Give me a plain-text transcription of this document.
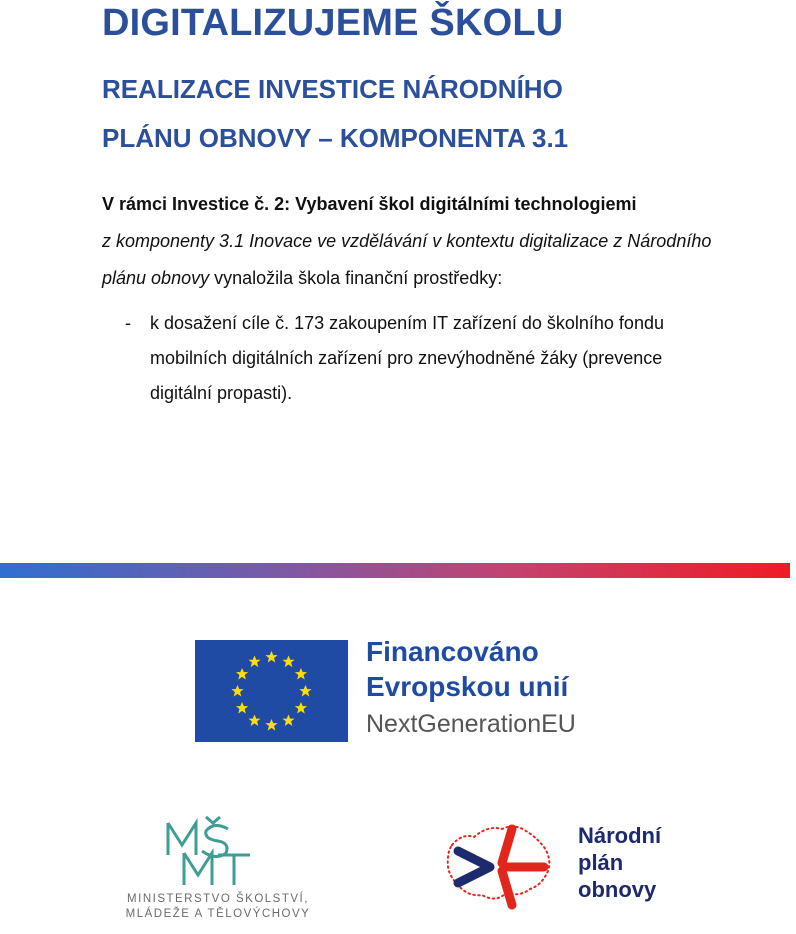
DIGITALIZUJEME ŠKOLU
REALIZACE INVESTICE NÁRODNÍHO
PLÁNU OBNOVY – KOMPONENTA 3.1

V rámci Investice č. 2: Vybavení škol digitálními technologiemi
z komponenty 3.1 Inovace ve vzdělávání v kontextu digitalizace z Národního plánu obnovy vynaložila škola finanční prostředky:

- k dosažení cíle č. 173 zakoupením IT zařízení do školního fondu mobilních digitálních zařízení pro znevýhodněné žáky (prevence digitální propasti).
Financováno
Evropskou unií
NextGenerationEU
MINISTERSTVO ŠKOLSTVÍ,
MLÁDEŽE A TĚLOVÝCHOVY
Národní
plán
obnovy
